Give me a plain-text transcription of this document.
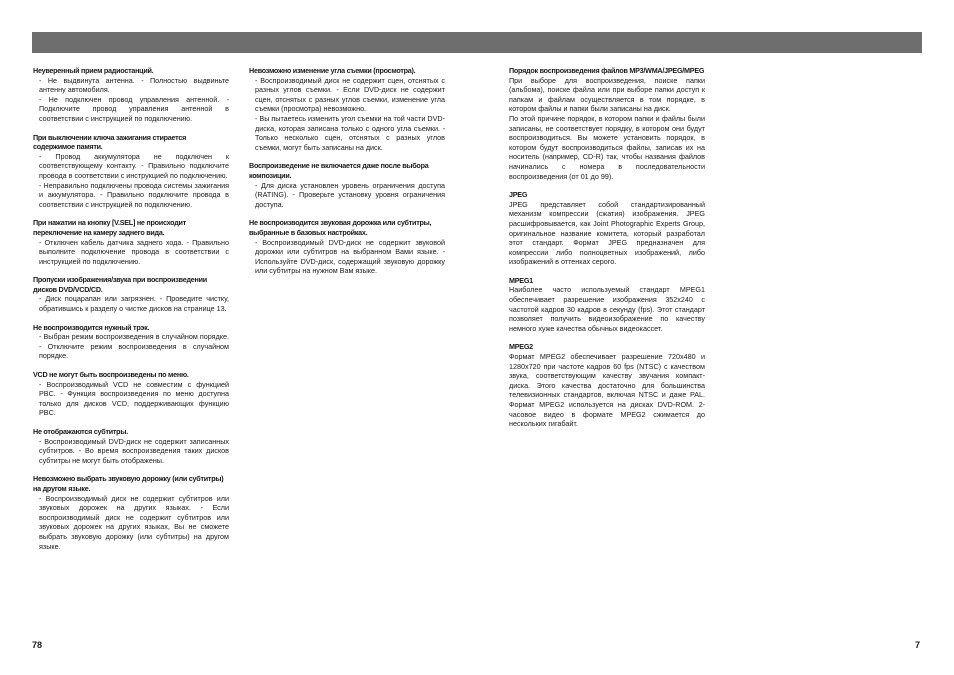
Неуверенный прием радиостанций.
- Не выдвинута антенна. - Полностью выдвиньте антенну автомобиля.
- Не подключен провод управления антенной. - Подключите провод управления антенной в соответствии с инструкцией по подключению.
При выключении ключа зажигания стирается содержимое памяти.
- Провод аккумулятора не подключен к соответствующему контакту. - Правильно подключите провода в соответствии с инструкцией по подключению.
- Неправильно подключены провода системы зажигания и аккумулятора. - Правильно подключите провода в соответствии с инструкцией по подключению.
При нажатии на кнопку [V.SEL] не происходит переключение на камеру заднего вида.
- Отключен кабель датчика заднего хода. - Правильно выполните подключение провода в соответствии с инструкцией по подключению.
Пропуски изображения/звука при воспроизведении дисков DVD/VCD/CD.
- Диск поцарапан или загрязнен. - Проведите чистку, обратившись к разделу о чистке дисков на странице 13.
Не воспроизводится нужный трэк.
- Выбран режим воспроизведения в случайном порядке. - Отключите режим воспроизведения в случайном порядке.
VCD не могут быть воспроизведены по меню.
- Воспроизводимый VCD не совместим с функцией PBC. - Функция воспроизведения по меню доступна только для дисков VCD, поддерживающих функцию PBC.
Не отображаются субтитры.
- Воспроизводимый DVD-диск не содержит записанных субтитров. - Во время воспроизведения таких дисков субтитры не могут быть отображены.
Невозможно выбрать звуковую дорожку (или субтитры) на другом языке.
- Воспроизводимый диск не содержит субтитров или звуковых дорожек на других языках. - Если воспроизводимый диск не содержит субтитров или звуковых дорожек на других языках, Вы не сможете выбрать звуковую дорожку (или субтитры) на другом языке.
Невозможно изменение угла съемки (просмотра).
- Воспроизводимый диск не содержит сцен, отснятых с разных углов съемки. - Если DVD-диск не содержит сцен, отснятых с разных углов съемки, изменение угла съемки (просмотра) невозможно.
- Вы пытаетесь изменить угол съемки на той части DVD-диска, которая записана только с одного угла съемки. - Только несколько сцен, отснятых с разных углов съемки, могут быть записаны на диск.
Воспроизведение не включается даже после выбора композиции.
- Для диска установлен уровень ограничения доступа (RATING). - Проверьте установку уровня ограничения доступа.
Не воспроизводится звуковая дорожка или субтитры, выбранные в базовых настройках.
- Воспроизводимый DVD-диск не содержит звуковой дорожки или субтитров на выбранном Вами языке. - Используйте DVD-диск, содержащий звуковую дорожку или субтитры на нужном Вам языке.
Порядок воспроизведения файлов MP3/WMA/JPEG/MPEG
При выборе для воспроизведения, поиске папки (альбома), поиске файла или при выборе папки доступ к папкам и файлам осуществляется в том порядке, в котором файлы и папки были записаны на диск.
По этой причине порядок, в котором папки и файлы были записаны, не соответствует порядку, в котором они будут воспроизводиться. Вы можете установить порядок, в котором будут воспроизводиться файлы, записав их на носитель (например, CD-R) так, чтобы названия файлов начинались с номера в последовательности воспроизведения (от 01 до 99).
JPEG
JPEG представляет собой стандартизированный механизм компрессии (сжатия) изображения. JPEG расшифровывается, как Joint Photographic Experts Group, оригинальное название комитета, который разработал этот стандарт. Формат JPEG предназначен для компрессии либо полноцветных изображений, либо изображений в оттенках серого.
MPEG1
Наиболее часто используемый стандарт MPEG1 обеспечивает разрешение изображения 352x240 с частотой кадров 30 кадров в секунду (fps). Этот стандарт позволяет получить видеоизображение по качеству немного хуже качества обычных видеокассет.
MPEG2
Формат MPEG2 обеспечивает разрешение 720x480 и 1280x720 при частоте кадров 60 fps (NTSC) с качеством звука, соответствующим качеству звучания компакт-диска. Этого качества достаточно для большинства телевизионных стандартов, включая NTSC и даже PAL. Формат MPEG2 используется на дисках DVD-ROM. 2-часовое видео в формате MPEG2 сжимается до нескольких гигабайт.
78	7
